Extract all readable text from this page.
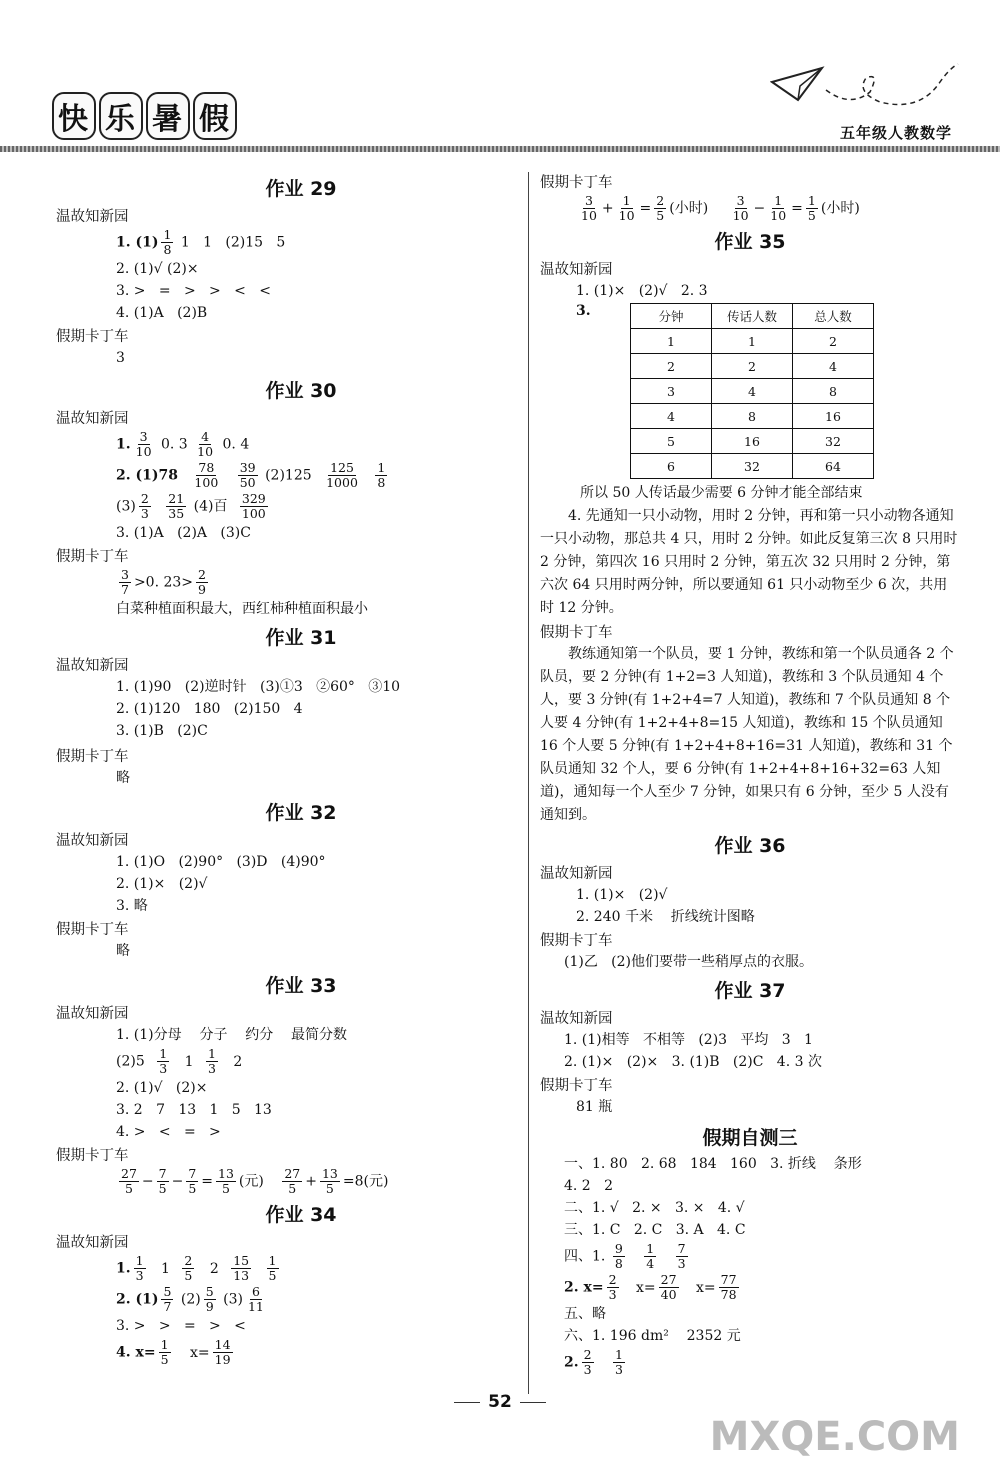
快 乐 暑 假	五年级人教数学
作业 29
温故知新园
1. $(1) \frac{1}{8} 1$   1   (2)15   5
2. (1)√ (2)×
3. >   =   >   >   <   <
4. (1)A   (2)B
假期卡丁车
3
作业 30
温故知新园
1. $\frac{3}{10} 0$. $3 \frac{4}{10} 0$. 4
2. $(1)78 \frac{78}{100}$
$\frac{39}{50} (2)125 \frac{125}{1000}$
$\frac{1}{8}$
$(3) \frac{2}{3}$
$\frac{21}{35} (4)$百 $\frac{329}{100}$
3. (1)A   (2)A   (3)C
假期卡丁车
$\frac{3}{7} >0$. $23> \frac{2}{9}$
白菜种植面积最大，西红柿种植面积最小
作业 31
温故知新园
1. (1)90   (2)逆时针   (3)①3   ②60°   ③10
2. (1)120   180   (2)150   4
3. (1)B   (2)C
假期卡丁车
略
作业 32
温故知新园
1. (1)O   (2)90°   (3)D   (4)90°
2. (1)×   (2)√
3. 略
假期卡丁车
略
作业 33
温故知新园
1. (1)分母    分子    约分    最简分数
$(2)5 \frac{1}{3} 1 \frac{1}{3} 2$
2. (1)√   (2)×
3. 2   7   13   1   5   13
4. >   <   =   >
假期卡丁车
$\frac{27}{5} - \frac{7}{5} - \frac{7}{5} = \frac{13}{5}$ (元) $\frac{27}{5} + \frac{13}{5} =8$(元)
作业 34
温故知新园
1. $\frac{1}{3} 1 \frac{2}{5} 2 \frac{15}{13}$
$\frac{1}{5}$
2. $(1) \frac{5}{7} (2) \frac{5}{9} (3) \frac{6}{11}$
3. >   >   =   >   <
4. $x= \frac{1}{5} x= \frac{14}{19}$
假期卡丁车
$\frac{3}{10} + \frac{1}{10} = \frac{2}{5}$ (小时) $\frac{3}{10} - \frac{1}{10} = \frac{1}{5}$ (小时)
作业 35
温故知新园
1. (1)×   (2)√   2. 3
3.	分钟	传话人数	总人数
1	1	2
2	2	4
3	4	8
4	8	16
5	16	32
6	32	64
所以 50 人传话最少需要 6 分钟才能全部结束

4. 先通知一只小动物，用时 2 分钟，再和第一只小动物各通知一只小动物，那总共 4 只，用时 2 分钟。如此反复第三次 8 只用时 2 分钟，第四次 16 只用时 2 分钟，第五次 32 只用时 2 分钟，第六次 64 只用时两分钟，所以要通知 61 只小动物至少 6 次，共用时 12 分钟。

假期卡丁车

教练通知第一个队员，要 1 分钟，教练和第一个队员通各 2 个队员，要 2 分钟(有 1+2=3 人知道)，教练和 3 个队员通知 4 个人，要 3 分钟(有 1+2+4=7 人知道)，教练和 7 个队员通知 8 个人要 4 分钟(有 1+2+4+8=15 人知道)，教练和 15 个队员通知 16 个人要 5 分钟(有 1+2+4+8+16=31 人知道)，教练和 31 个队员通知 32 个人，要 6 分钟(有 1+2+4+8+16+32=63 人知道)，通知每一个人至少 7 分钟，如果只有 6 分钟，至少 5 人没有通知到。

作业 36
温故知新园
1. (1)×   (2)√
2. 240 千米    折线统计图略
假期卡丁车
(1)乙   (2)他们要带一些稍厚点的衣服。
作业 37
温故知新园
1. (1)相等   不相等   (2)3   平均   3   1
2. (1)×   (2)×   3. (1)B   (2)C   4. 3 次
假期卡丁车
81 瓶
假期自测三
一、1. 80   2. 68   184   160   3. 折线    条形
4. 2   2
二、1. √   2. ×   3. ×   4. √
三、1. C   2. C   3. A   4. C
四、1. $\frac{9}{8}$
$\frac{1}{4}$
$\frac{7}{3}$
2. $x= \frac{2}{3} x= \frac{27}{40} x= \frac{77}{78}$
五、略
六、1. 196 dm²    2352 元
2. $\frac{2}{3}$
$\frac{1}{3}$
52
MXQE.COM
